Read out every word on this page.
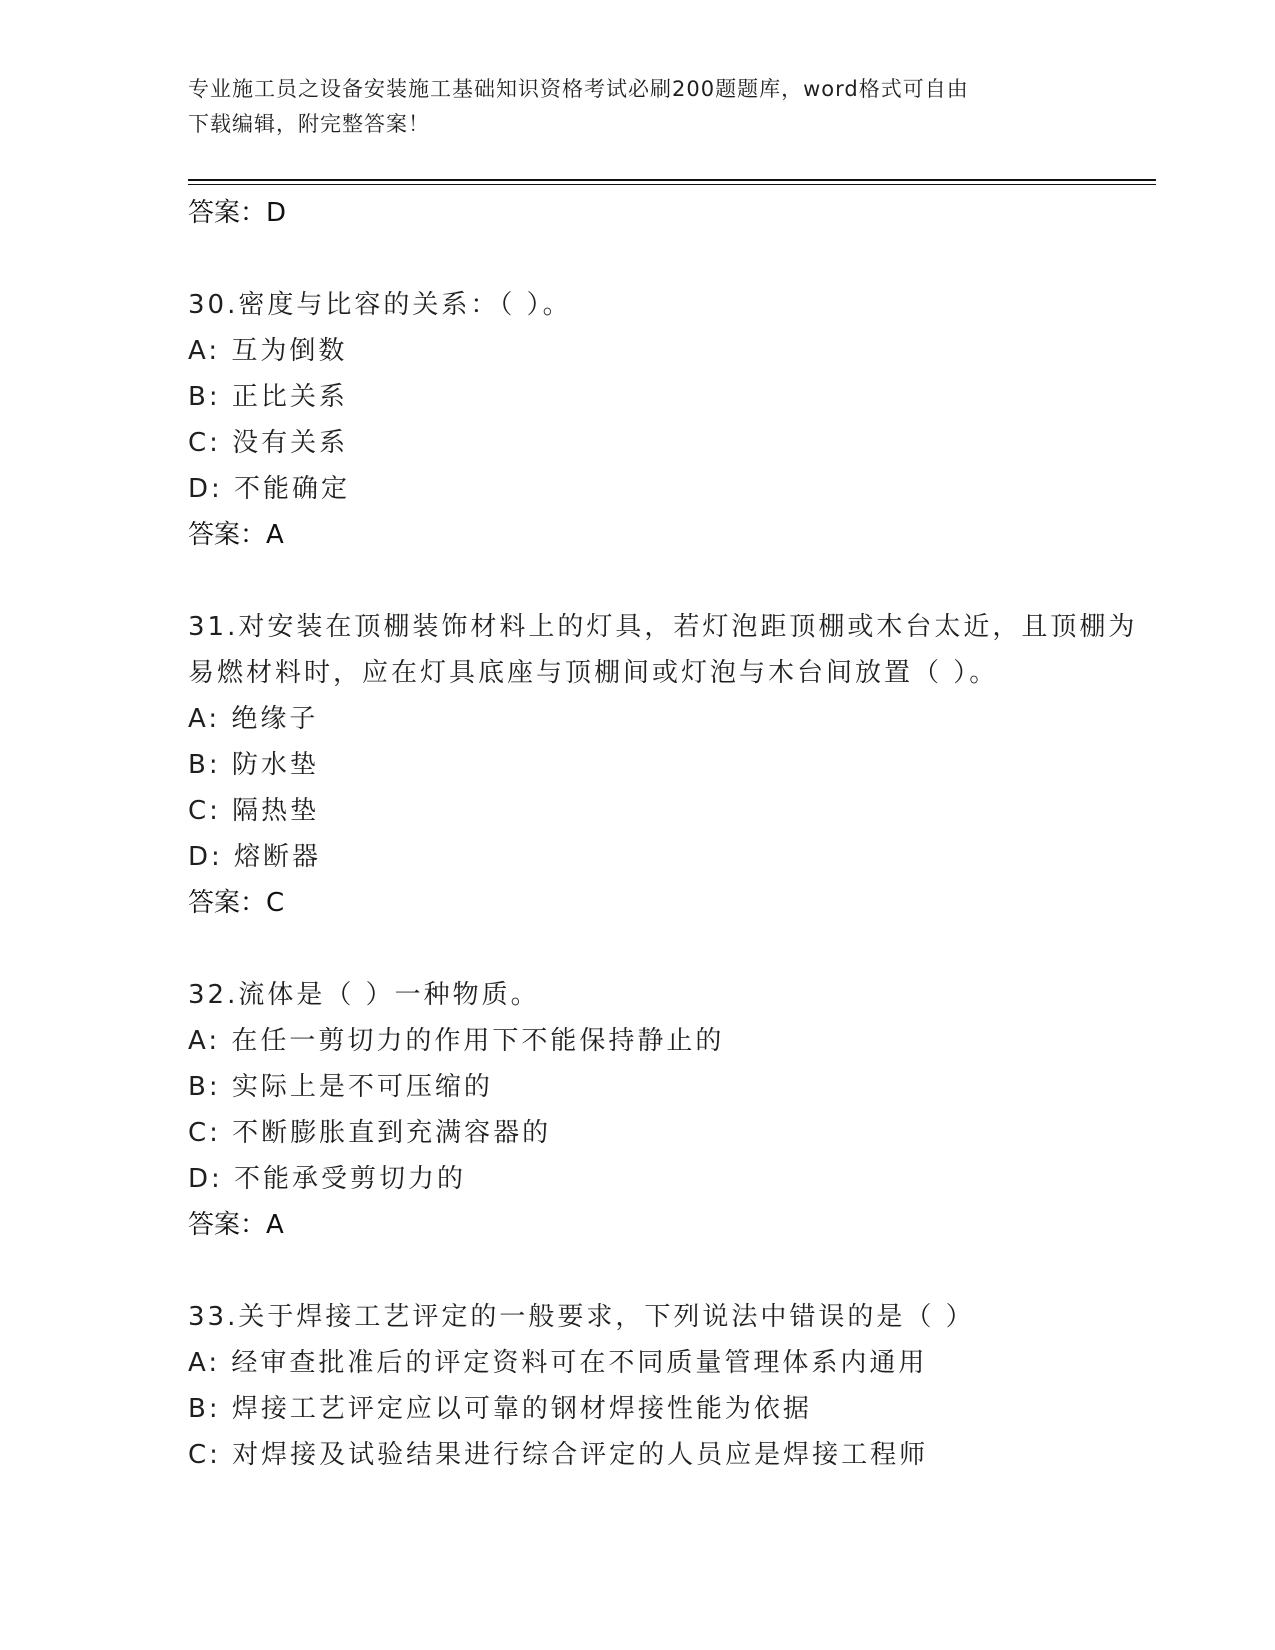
专业施工员之设备安装施工基础知识资格考试必刷200题题库，word格式可自由
下载编辑，附完整答案！
答案：D
30.密度与比容的关系：（ ）。
A: 互为倒数
B: 正比关系
C: 没有关系
D: 不能确定
答案：A
31.对安装在顶棚装饰材料上的灯具，若灯泡距顶棚或木台太近，且顶棚为易燃材料时，应在灯具底座与顶棚间或灯泡与木台间放置（ ）。
A: 绝缘子
B: 防水垫
C: 隔热垫
D: 熔断器
答案：C
32.流体是（ ）一种物质。
A: 在任一剪切力的作用下不能保持静止的
B: 实际上是不可压缩的
C: 不断膨胀直到充满容器的
D: 不能承受剪切力的
答案：A
33.关于焊接工艺评定的一般要求，下列说法中错误的是（ ）
A: 经审查批准后的评定资料可在不同质量管理体系内通用
B: 焊接工艺评定应以可靠的钢材焊接性能为依据
C: 对焊接及试验结果进行综合评定的人员应是焊接工程师
